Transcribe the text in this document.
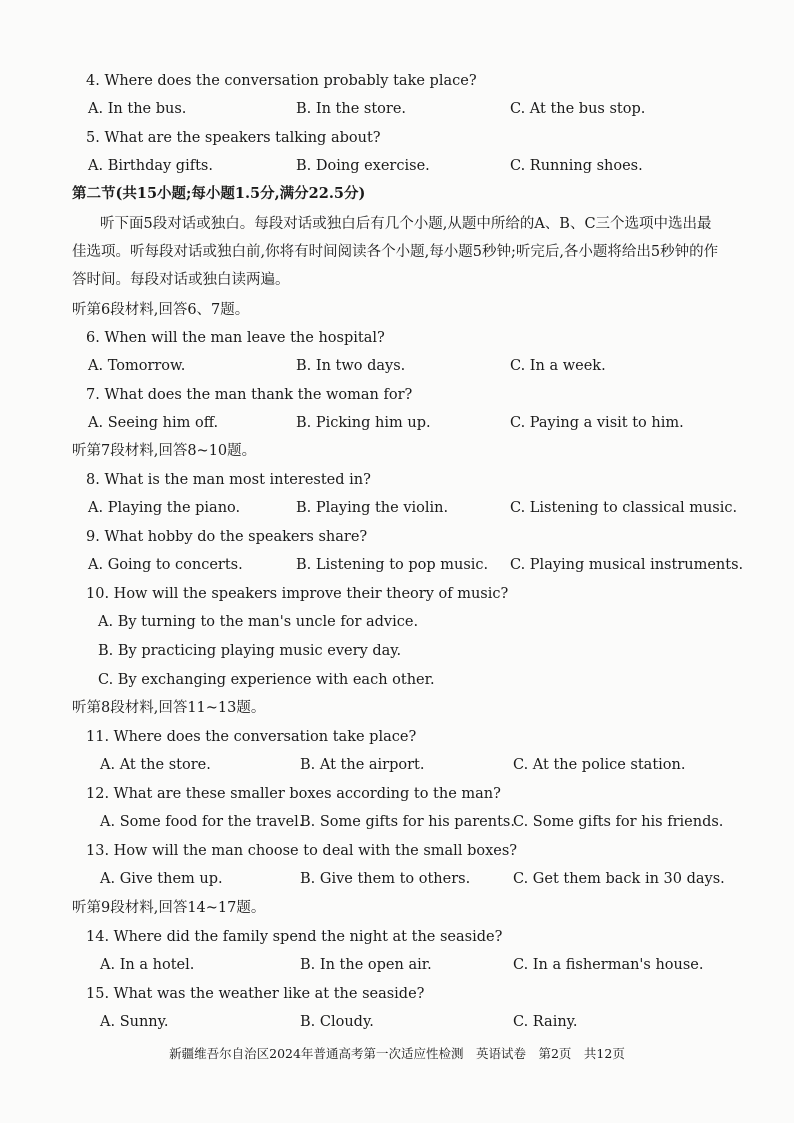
4. Where does the conversation probably take place?
A. In the bus.	B. In the store.	C. At the bus stop.
5. What are the speakers talking about?
A. Birthday gifts.	B. Doing exercise.	C. Running shoes.
第二节(共15小题;每小题1.5分,满分22.5分)
听下面5段对话或独白。每段对话或独白后有几个小题,从题中所给的A、B、C三个选项中选出最佳选项。听每段对话或独白前,你将有时间阅读各个小题,每小题5秒钟;听完后,各小题将给出5秒钟的作答时间。每段对话或独白读两遍。
听第6段材料,回答6、7题。
6. When will the man leave the hospital?
A. Tomorrow.	B. In two days.	C. In a week.
7. What does the man thank the woman for?
A. Seeing him off.	B. Picking him up.	C. Paying a visit to him.
听第7段材料,回答8~10题。
8. What is the man most interested in?
A. Playing the piano.	B. Playing the violin.	C. Listening to classical music.
9. What hobby do the speakers share?
A. Going to concerts.	B. Listening to pop music. C. Playing musical instruments.
10. How will the speakers improve their theory of music?
A. By turning to the man's uncle for advice.
B. By practicing playing music every day.
C. By exchanging experience with each other.
听第8段材料,回答11~13题。
11. Where does the conversation take place?
A. At the store.	B. At the airport.	C. At the police station.
12. What are these smaller boxes according to the man?
A. Some food for the travel.
B. Some gifts for his parents.
C. Some gifts for his friends.
13. How will the man choose to deal with the small boxes?
A. Give them up.	B. Give them to others.	C. Get them back in 30 days.
听第9段材料,回答14~17题。
14. Where did the family spend the night at the seaside?
A. In a hotel.	B. In the open air.	C. In a fisherman's house.
15. What was the weather like at the seaside?
A. Sunny.	B. Cloudy.	C. Rainy.
新疆维吾尔自治区2024年普通高考第一次适应性检测　英语试卷　第2页　共12页
